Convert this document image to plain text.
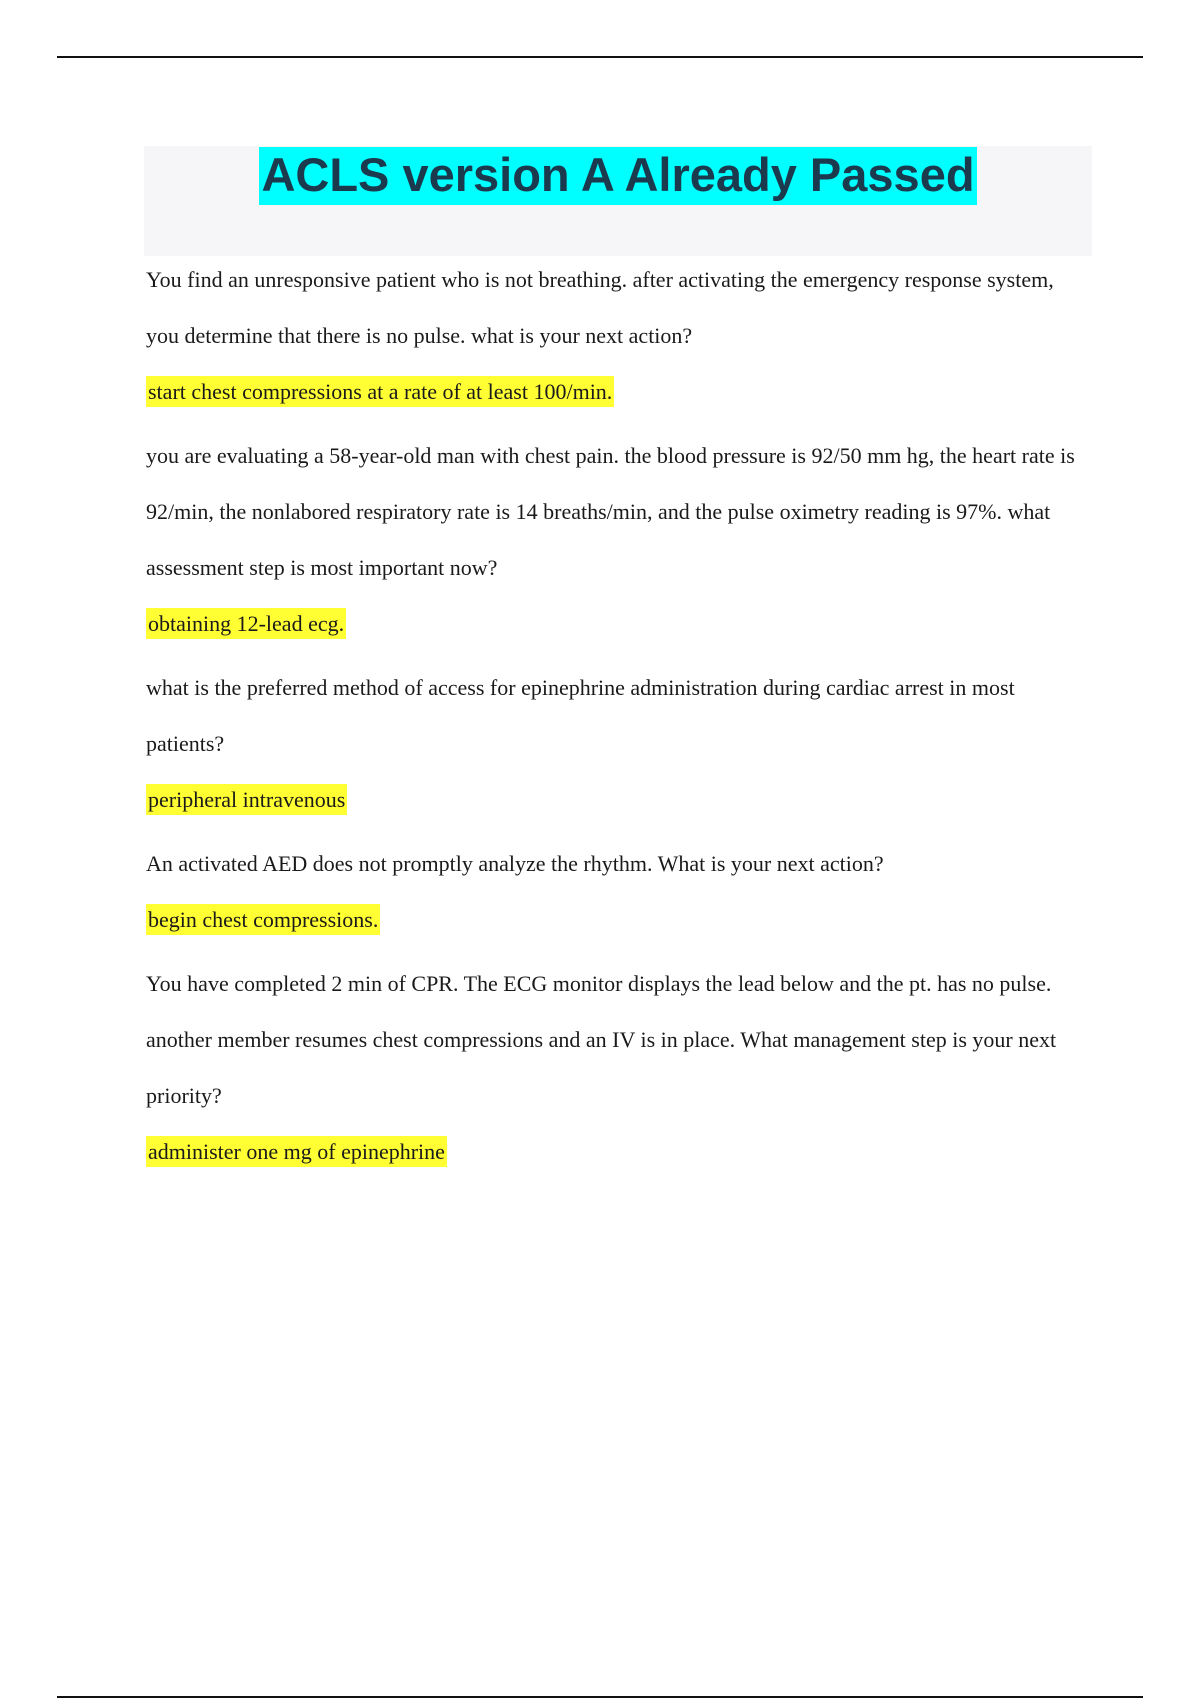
ACLS version A Already Passed

You find an unresponsive patient who is not breathing. after activating the emergency response system, you determine that there is no pulse. what is your next action?

start chest compressions at a rate of at least 100/min.

you are evaluating a 58-year-old man with chest pain. the blood pressure is 92/50 mm hg, the heart rate is 92/min, the nonlabored respiratory rate is 14 breaths/min, and the pulse oximetry reading is 97%. what assessment step is most important now?

obtaining 12-lead ecg.

what is the preferred method of access for epinephrine administration during cardiac arrest in most patients?

peripheral intravenous

An activated AED does not promptly analyze the rhythm. What is your next action?

begin chest compressions.

You have completed 2 min of CPR. The ECG monitor displays the lead below and the pt. has no pulse. another member resumes chest compressions and an IV is in place. What management step is your next priority?

administer one mg of epinephrine
